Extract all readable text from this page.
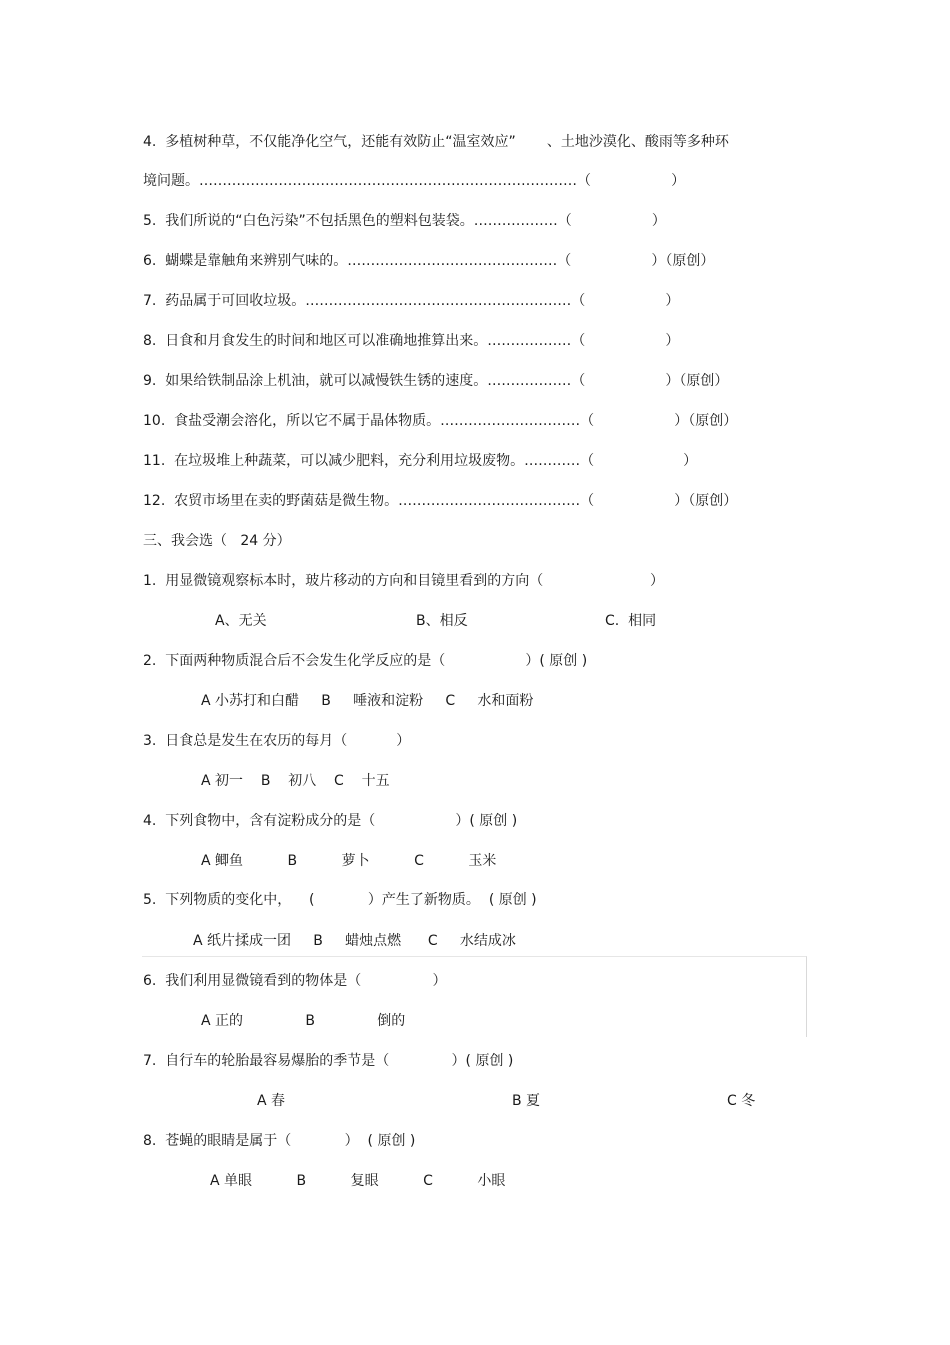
4.  多植树种草，不仅能净化空气，还能有效防止“温室效应”       、土地沙漠化、酸雨等多种环
境问题。………………………………………………………………………（                  ）
5.  我们所说的“白色污染”不包括黑色的塑料包装袋。………………（                  ）
6.  蝴蝶是靠触角来辨别气味的。………………………………………（                  ）（原创）
7.  药品属于可回收垃圾。…………………………………………………（                  ）
8.  日食和月食发生的时间和地区可以准确地推算出来。………………（                  ）
9.  如果给铁制品涂上机油，就可以减慢铁生锈的速度。………………（                  ）（原创）
10.  食盐受潮会溶化，所以它不属于晶体物质。…………………………（                  ）（原创）
11.  在垃圾堆上种蔬菜，可以减少肥料，充分利用垃圾废物。…………（                    ）
12.  农贸市场里在卖的野菌菇是微生物。…………………………………（                  ）（原创）
三、我会选（   24 分）
1.  用显微镜观察标本时，玻片移动的方向和目镜里看到的方向（                        ）
A、无关	B、相反	C.  相同
2.  下面两种物质混合后不会发生化学反应的是（                  ）( 原创 )
A 小苏打和白醋     B     唾液和淀粉     C     水和面粉
3.  日食总是发生在农历的每月（           ）
A 初一    B    初八    C    十五
4.  下列食物中，含有淀粉成分的是（                  ）( 原创 )
A 鲫鱼          B          萝卜          C          玉米
5.  下列物质的变化中，    (            ）产生了新物质。  ( 原创 )
A 纸片揉成一团     B     蜡烛点燃      C     水结成冰
6.  我们利用显微镜看到的物体是（                ）
A 正的              B              倒的
7.  自行车的轮胎最容易爆胎的季节是（              ）( 原创 )
A 春	B 夏	C 冬
8.  苍蝇的眼睛是属于（            ）  ( 原创 )
A 单眼          B          复眼          C          小眼
